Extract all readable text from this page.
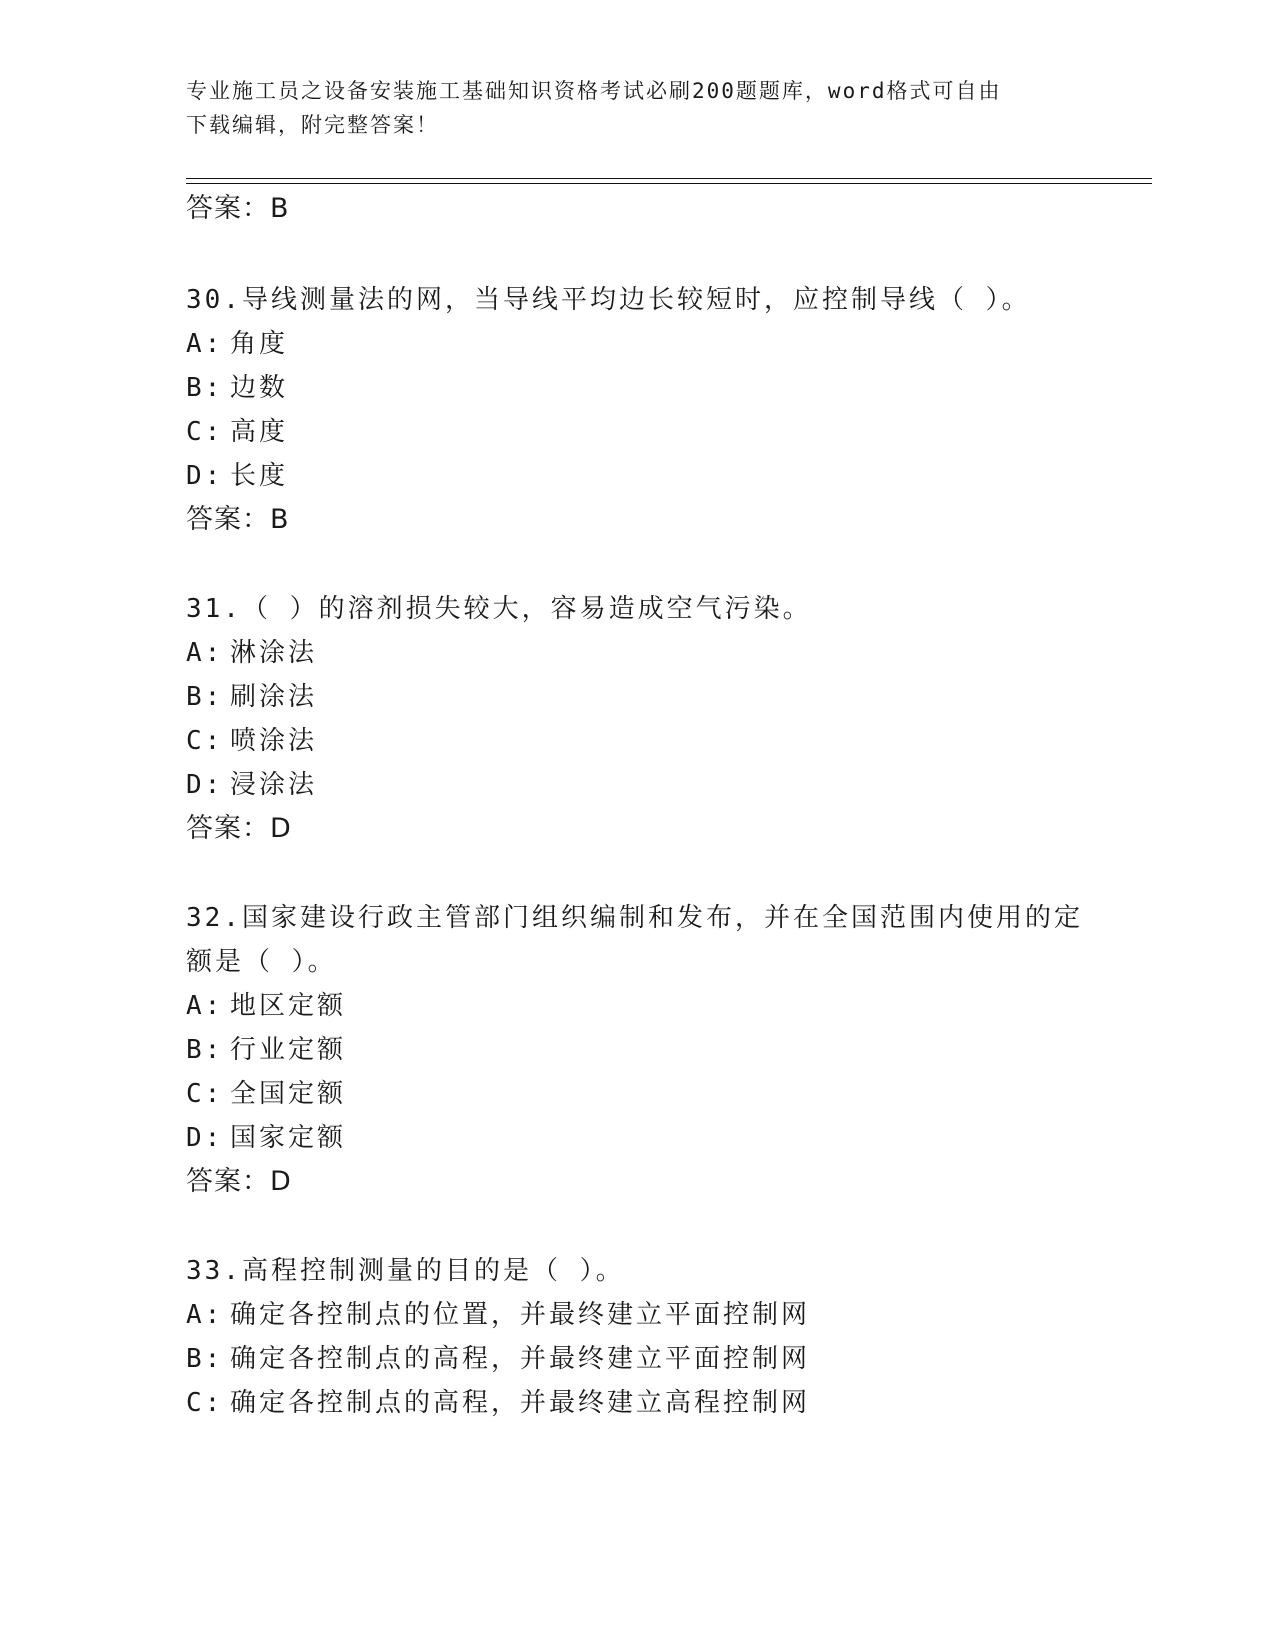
专业施工员之设备安装施工基础知识资格考试必刷200题题库，word格式可自由
下载编辑，附完整答案！
答案：B
30.导线测量法的网，当导线平均边长较短时，应控制导线（ ）。
A: 角度
B: 边数
C: 高度
D: 长度
答案：B
31.（ ）的溶剂损失较大，容易造成空气污染。
A: 淋涂法
B: 刷涂法
C: 喷涂法
D: 浸涂法
答案：D
32.国家建设行政主管部门组织编制和发布，并在全国范围内使用的定
额是（ ）。
A: 地区定额
B: 行业定额
C: 全国定额
D: 国家定额
答案：D
33.高程控制测量的目的是（ ）。
A: 确定各控制点的位置，并最终建立平面控制网
B: 确定各控制点的高程，并最终建立平面控制网
C: 确定各控制点的高程，并最终建立高程控制网
